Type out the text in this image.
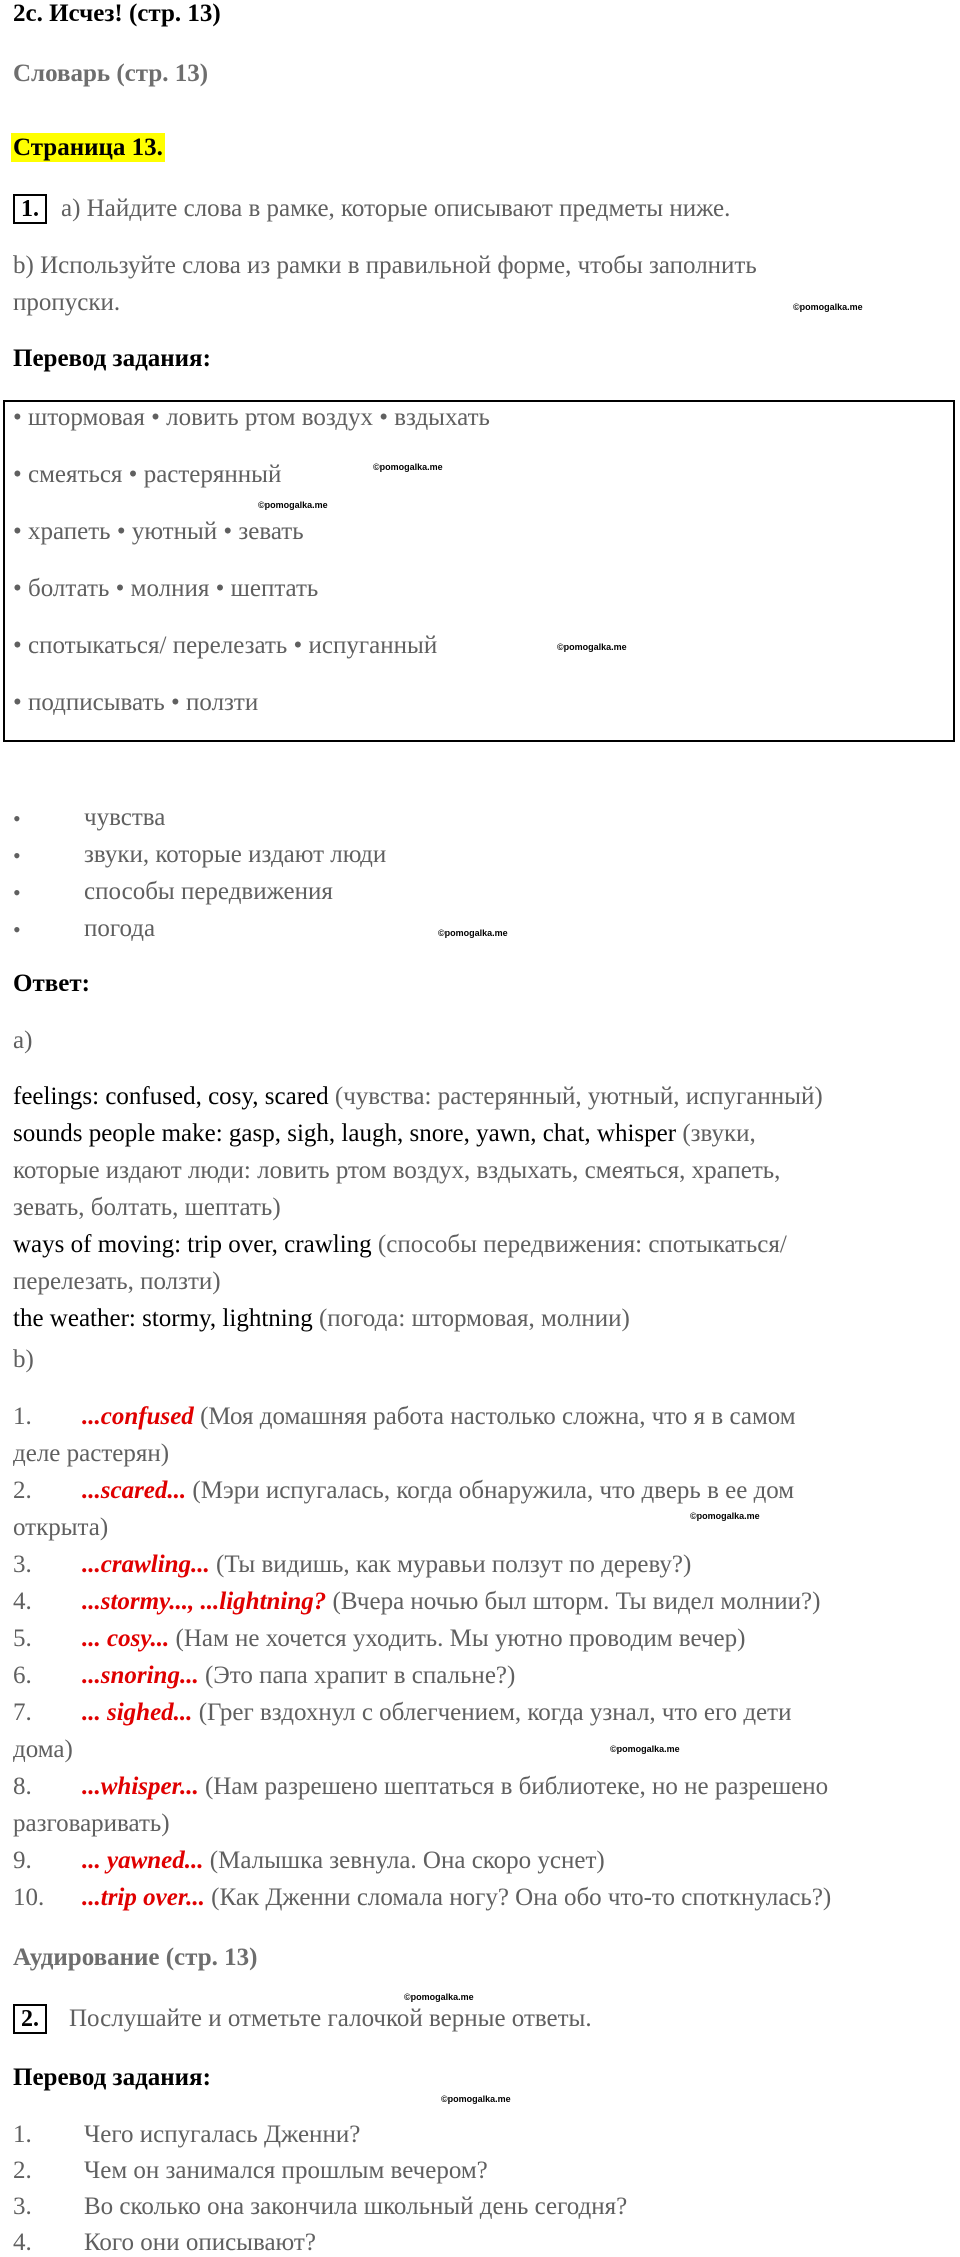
2c. Исчез! (стр. 13)
Словарь (стр. 13)
Страница 13.
1. a) Найдите слова в рамке, которые описывают предметы ниже.
b) Используйте слова из рамки в правильной форме, чтобы заполнить
пропуски.	©pomogalka.me
Перевод задания:
• штормовая • ловить ртом воздух • вздыхать
• смеяться • растерянный	©pomogalka.me
©pomogalka.me
• храпеть • уютный • зевать
• болтать • молния • шептать
• спотыкаться/ перелезать • испуганный	©pomogalka.me
• подписывать • ползти
•	чувства
•	звуки, которые издают люди
•	способы передвижения
•	погода	©pomogalka.me
Ответ:
a)
feelings: confused, cosy, scared (чувства: растерянный, уютный, испуганный)
sounds people make: gasp, sigh, laugh, snore, yawn, chat, whisper (звуки,
которые издают люди: ловить ртом воздух, вздыхать, смеяться, храпеть,
зевать, болтать, шептать)
ways of moving: trip over, crawling (способы передвижения: спотыкаться/
перелезать, ползти)
the weather: stormy, lightning (погода: штормовая, молнии)
b)
1. ...confused (Моя домашняя работа настолько сложна, что я в самом
деле растерян)
2. ...scared... (Мэри испугалась, когда обнаружила, что дверь в ее дом
открыта)	©pomogalka.me
3. ...crawling... (Ты видишь, как муравьи ползут по дереву?)
4. ...stormy..., ...lightning? (Вчера ночью был шторм. Ты видел молнии?)
5. ... cosy... (Нам не хочется уходить. Мы уютно проводим вечер)
6. ...snoring... (Это папа храпит в спальне?)
7. ... sighed... (Грег вздохнул с облегчением, когда узнал, что его дети
дома)	©pomogalka.me
8. ...whisper... (Нам разрешено шептаться в библиотеке, но не разрешено
разговаривать)
9. ... yawned... (Малышка зевнула. Она скоро уснет)
10. ...trip over... (Как Дженни сломала ногу? Она обо что-то споткнулась?)
Аудирование (стр. 13)
©pomogalka.me
2. Послушайте и отметьте галочкой верные ответы.
Перевод задания:
©pomogalka.me
1. Чего испугалась Дженни?
2. Чем он занимался прошлым вечером?
3. Во сколько она закончила школьный день сегодня?
4. Кого они описывают?
